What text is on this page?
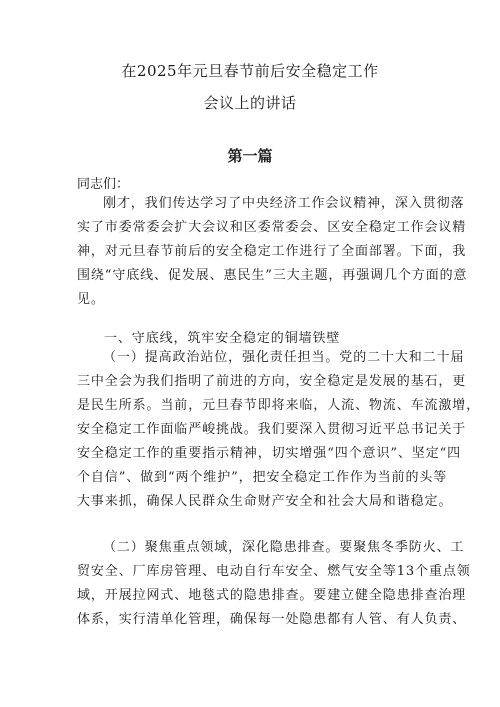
在2025年元旦春节前后安全稳定工作
会议上的讲话
第一篇
同志们：
刚才，我们传达学习了中央经济工作会议精神，深入贯彻落
实了市委常委会扩大会议和区委常委会、区安全稳定工作会议精
神，对元旦春节前后的安全稳定工作进行了全面部署。下面，我
围绕“守底线、促发展、惠民生”三大主题，再强调几个方面的意
见。
一、守底线，筑牢安全稳定的铜墙铁壁
（一）提高政治站位，强化责任担当。党的二十大和二十届
三中全会为我们指明了前进的方向，安全稳定是发展的基石，更
是民生所系。当前，元旦春节即将来临，人流、物流、车流激增，
安全稳定工作面临严峻挑战。我们要深入贯彻习近平总书记关于
安全稳定工作的重要指示精神，切实增强“四个意识”、坚定“四
个自信”、做到“两个维护”，把安全稳定工作作为当前的头等
大事来抓，确保人民群众生命财产安全和社会大局和谐稳定。
（二）聚焦重点领域，深化隐患排查。要聚焦冬季防火、工
贸安全、厂库房管理、电动自行车安全、燃气安全等13个重点领
域，开展拉网式、地毯式的隐患排查。要建立健全隐患排查治理
体系，实行清单化管理，确保每一处隐患都有人管、有人负责、
